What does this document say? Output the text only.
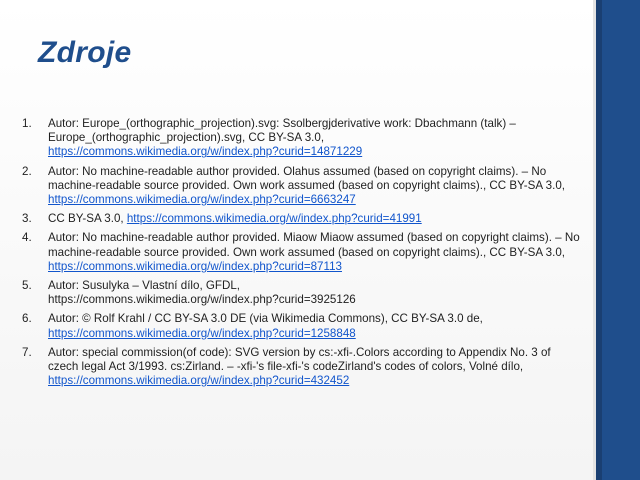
Zdroje
1.	Autor: Europe_(orthographic_projection).svg: Ssolbergjderivative work: Dbachmann (talk) – Europe_(orthographic_projection).svg, CC BY-SA 3.0,
https://commons.wikimedia.org/w/index.php?curid=14871229
2.	Autor: No machine-readable author provided. Olahus assumed (based on copyright claims). – No machine-readable source provided. Own work assumed (based on copyright claims)., CC BY-SA 3.0,
https://commons.wikimedia.org/w/index.php?curid=6663247
3.	CC BY-SA 3.0, https://commons.wikimedia.org/w/index.php?curid=41991
4.	Autor: No machine-readable author provided. Miaow Miaow assumed (based on copyright claims). – No machine-readable source provided. Own work assumed (based on copyright claims)., CC BY-SA 3.0,
https://commons.wikimedia.org/w/index.php?curid=87113
5.	Autor: Susulyka – Vlastní dílo, GFDL,
https://commons.wikimedia.org/w/index.php?curid=3925126
6.	Autor: © Rolf Krahl / CC BY-SA 3.0 DE (via Wikimedia Commons), CC BY-SA 3.0 de,
https://commons.wikimedia.org/w/index.php?curid=1258848
7.	Autor: special commission(of code): SVG version by cs:-xfi-.Colors according to Appendix No. 3 of czech legal Act 3/1993. cs:Zirland. – -xfi-'s file-xfi-'s codeZirland's codes of colors, Volné dílo, https://commons.wikimedia.org/w/index.php?curid=432452
